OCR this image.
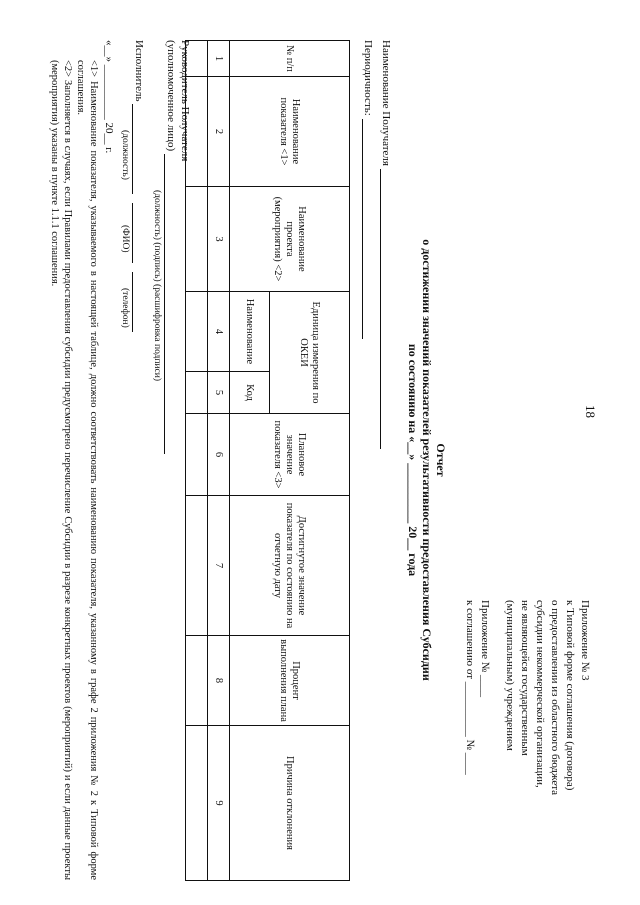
18

Приложение № 3

к Типовой форме соглашения (договора)

о предоставлении из областного бюджета

субсидии некоммерческой организации,

не являющейся государственным

(муниципальным) учреждением

Приложение № ____

к соглашению от __________ № ____

Отчет

о достижении значений показателей результативности предоставления Субсидии

по состоянию на «__» __________ 20__ года

Наименование Получателя
Периодичность:
№ п/п	Наименование показателя <1>	Наименование проекта (мероприятия) <2>	Единица измерения по ОКЕИ		Плановое значение показателя <3>	Достигнутое значение показателя по состоянию на отчетную дату	Процент выполнения плана	Причина отклонения
			Наименование	Код				
1	2	3	4	5	6	7	8	9

Руководитель Получателя
(уполномоченное лицо)
(должность) (подпись) (расшифровка подписи)
Исполнитель
(должность)
(ФИО)
(телефон)
«__» __________ 20__ г.

<1> Наименование показателя, указываемого в настоящей таблице, должно соответствовать наименованию показателя, указанному в графе 2 приложения № 2 к Типовой форме соглашения.

<2> Заполняется в случаях, если Правилами предоставления субсидии предусмотрено перечисление Субсидии в разрезе конкретных проектов (мероприятий) и если данные проекты (мероприятия) указаны в пункте 1.1.1 соглашения.
